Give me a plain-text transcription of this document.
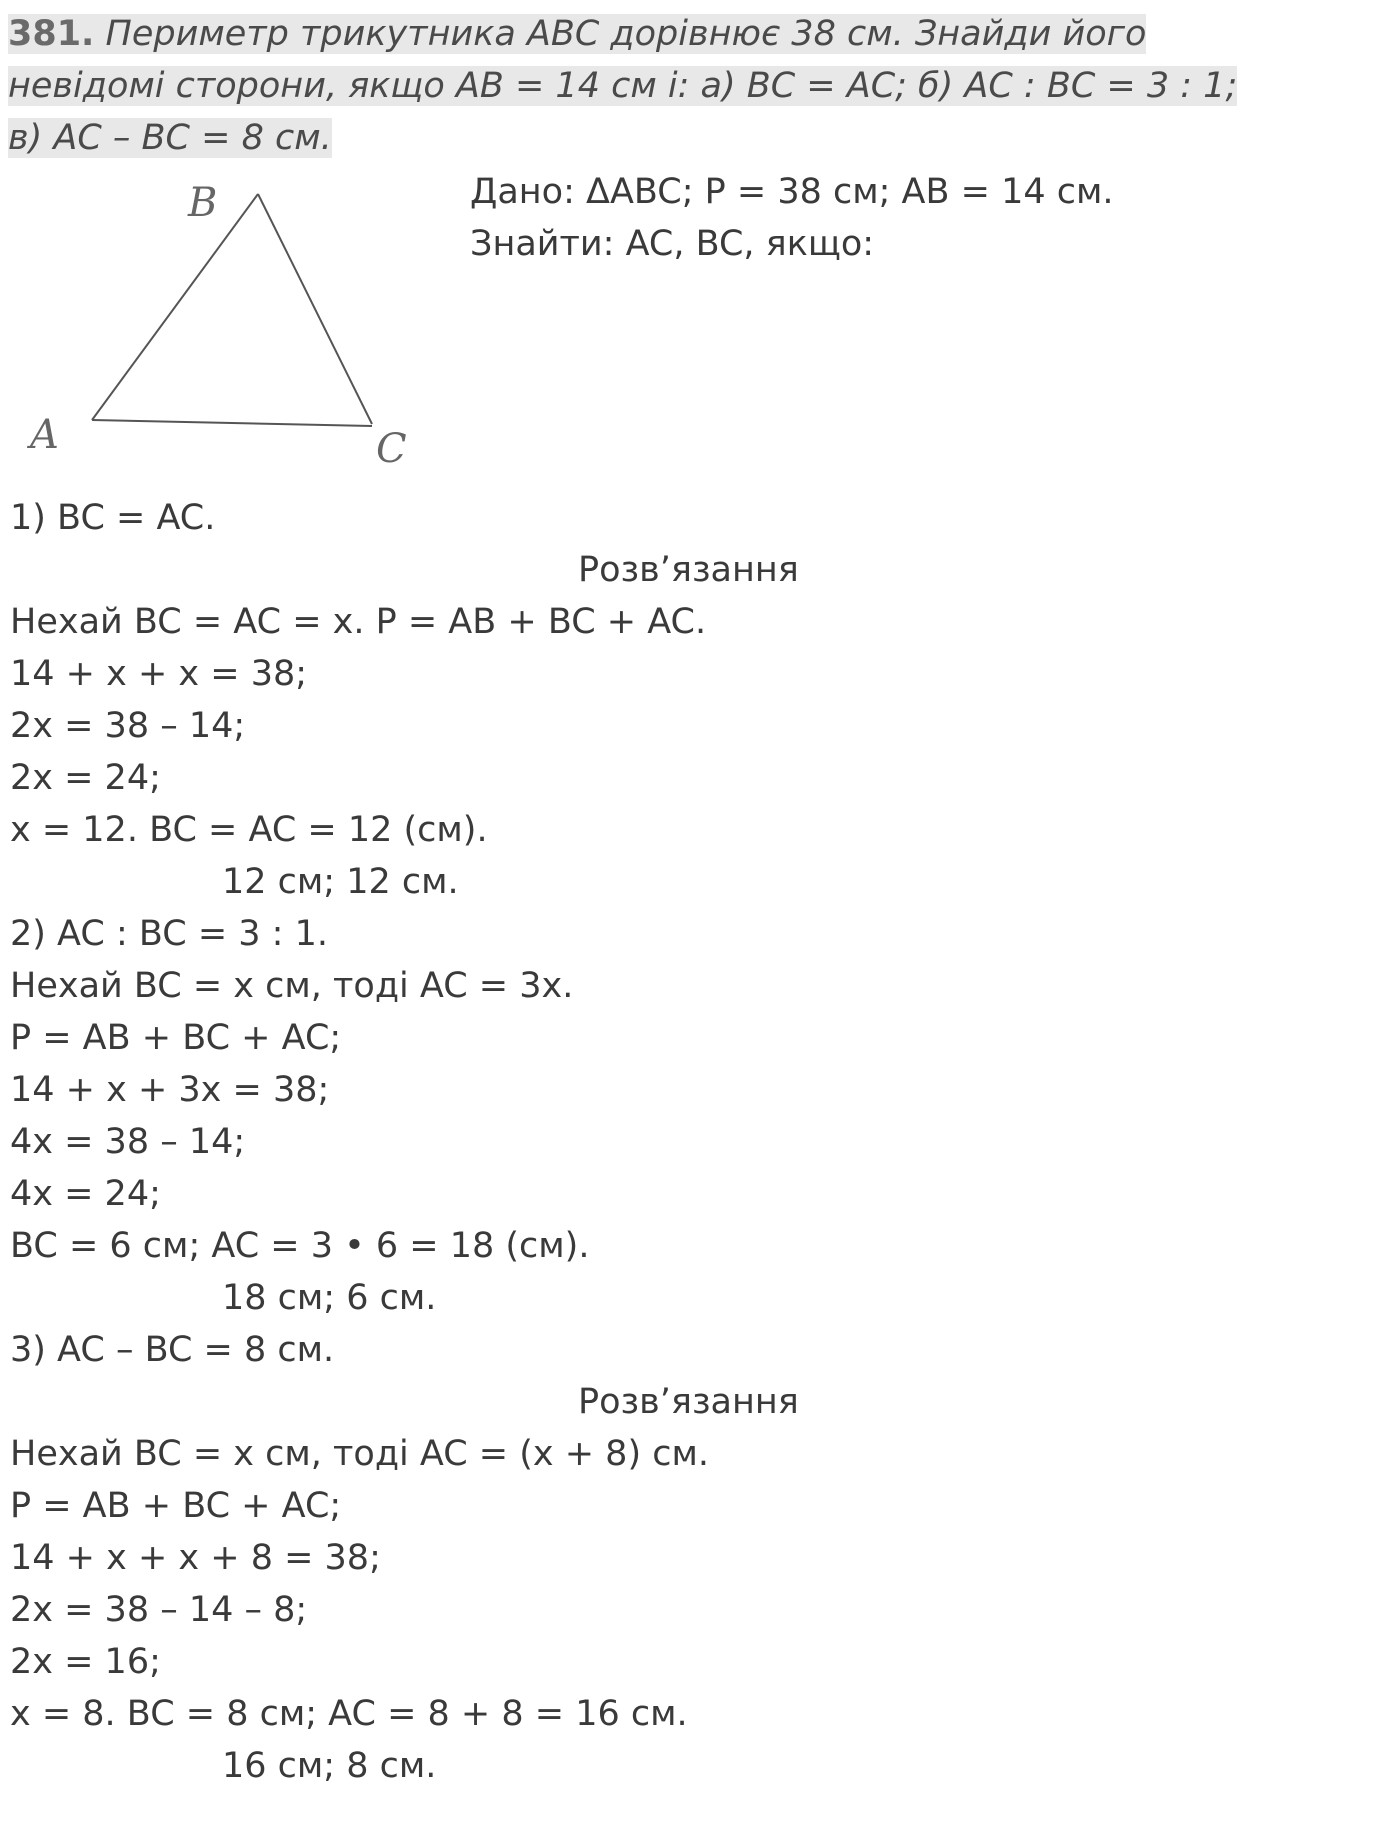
381. Периметр трикутника ABC дорівнює 38 см. Знайди його
невідомі сторони, якщо AB = 14 см і: а) BC = AC; б) AC : BC = 3 : 1;
в) AC – BC = 8 см.
Дано: ΔABC; P = 38 см; AB = 14 см.
Знайти: AC, BC, якщо:
A
B
C
1) BC = AC.
Розв’язання
Нехай BC = AC = x. P = AB + BC + AC.
14 + x + x = 38;
2x = 38 – 14;
2x = 24;
x = 12. BC = AC = 12 (см).
12 см; 12 см.
2) AC : BC = 3 : 1.
Нехай BC = x см, тоді AC = 3x.
P = AB + BC + AC;
14 + x + 3x = 38;
4x = 38 – 14;
4x = 24;
BC = 6 см; AC = 3 • 6 = 18 (см).
18 см; 6 см.
3) AC – BC = 8 см.
Розв’язання
Нехай BC = x см, тоді AC = (x + 8) см.
P = AB + BC + AC;
14 + x + x + 8 = 38;
2x = 38 – 14 – 8;
2x = 16;
x = 8. BC = 8 см; AC = 8 + 8 = 16 см.
16 см; 8 см.
